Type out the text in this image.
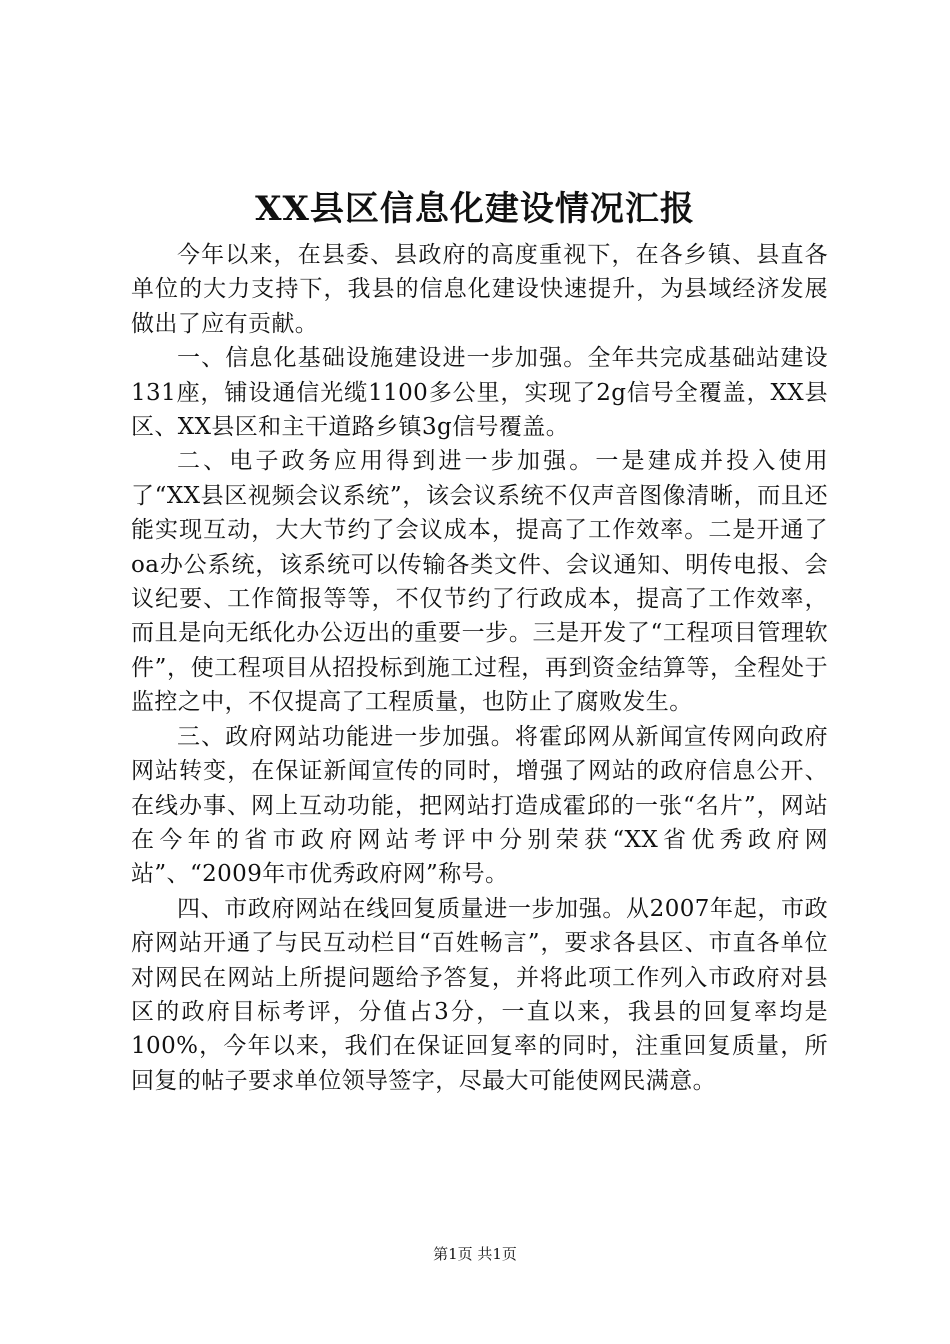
XX县区信息化建设情况汇报

今年以来，在县委、县政府的高度重视下，在各乡镇、县直各单位的大力支持下，我县的信息化建设快速提升，为县域经济发展做出了应有贡献。

一、信息化基础设施建设进一步加强。全年共完成基础站建设131座，铺设通信光缆1100多公里，实现了2g信号全覆盖，XX县区、XX县区和主干道路乡镇3g信号覆盖。

二、电子政务应用得到进一步加强。一是建成并投入使用了“XX县区视频会议系统”，该会议系统不仅声音图像清晰，而且还能实现互动，大大节约了会议成本，提高了工作效率。二是开通了oa办公系统，该系统可以传输各类文件、会议通知、明传电报、会议纪要、工作简报等等，不仅节约了行政成本，提高了工作效率，而且是向无纸化办公迈出的重要一步。三是开发了“工程项目管理软件”，使工程项目从招投标到施工过程，再到资金结算等，全程处于监控之中，不仅提高了工程质量，也防止了腐败发生。

三、政府网站功能进一步加强。将霍邱网从新闻宣传网向政府网站转变，在保证新闻宣传的同时，增强了网站的政府信息公开、在线办事、网上互动功能，把网站打造成霍邱的一张“名片”，网站在今年的省市政府网站考评中分别荣获“XX省优秀政府网站”、“2009年市优秀政府网”称号。

四、市政府网站在线回复质量进一步加强。从2007年起，市政府网站开通了与民互动栏目“百姓畅言”，要求各县区、市直各单位对网民在网站上所提问题给予答复，并将此项工作列入市政府对县区的政府目标考评，分值占3分，一直以来，我县的回复率均是100%，今年以来，我们在保证回复率的同时，注重回复质量，所回复的帖子要求单位领导签字，尽最大可能使网民满意。

第1页 共1页
